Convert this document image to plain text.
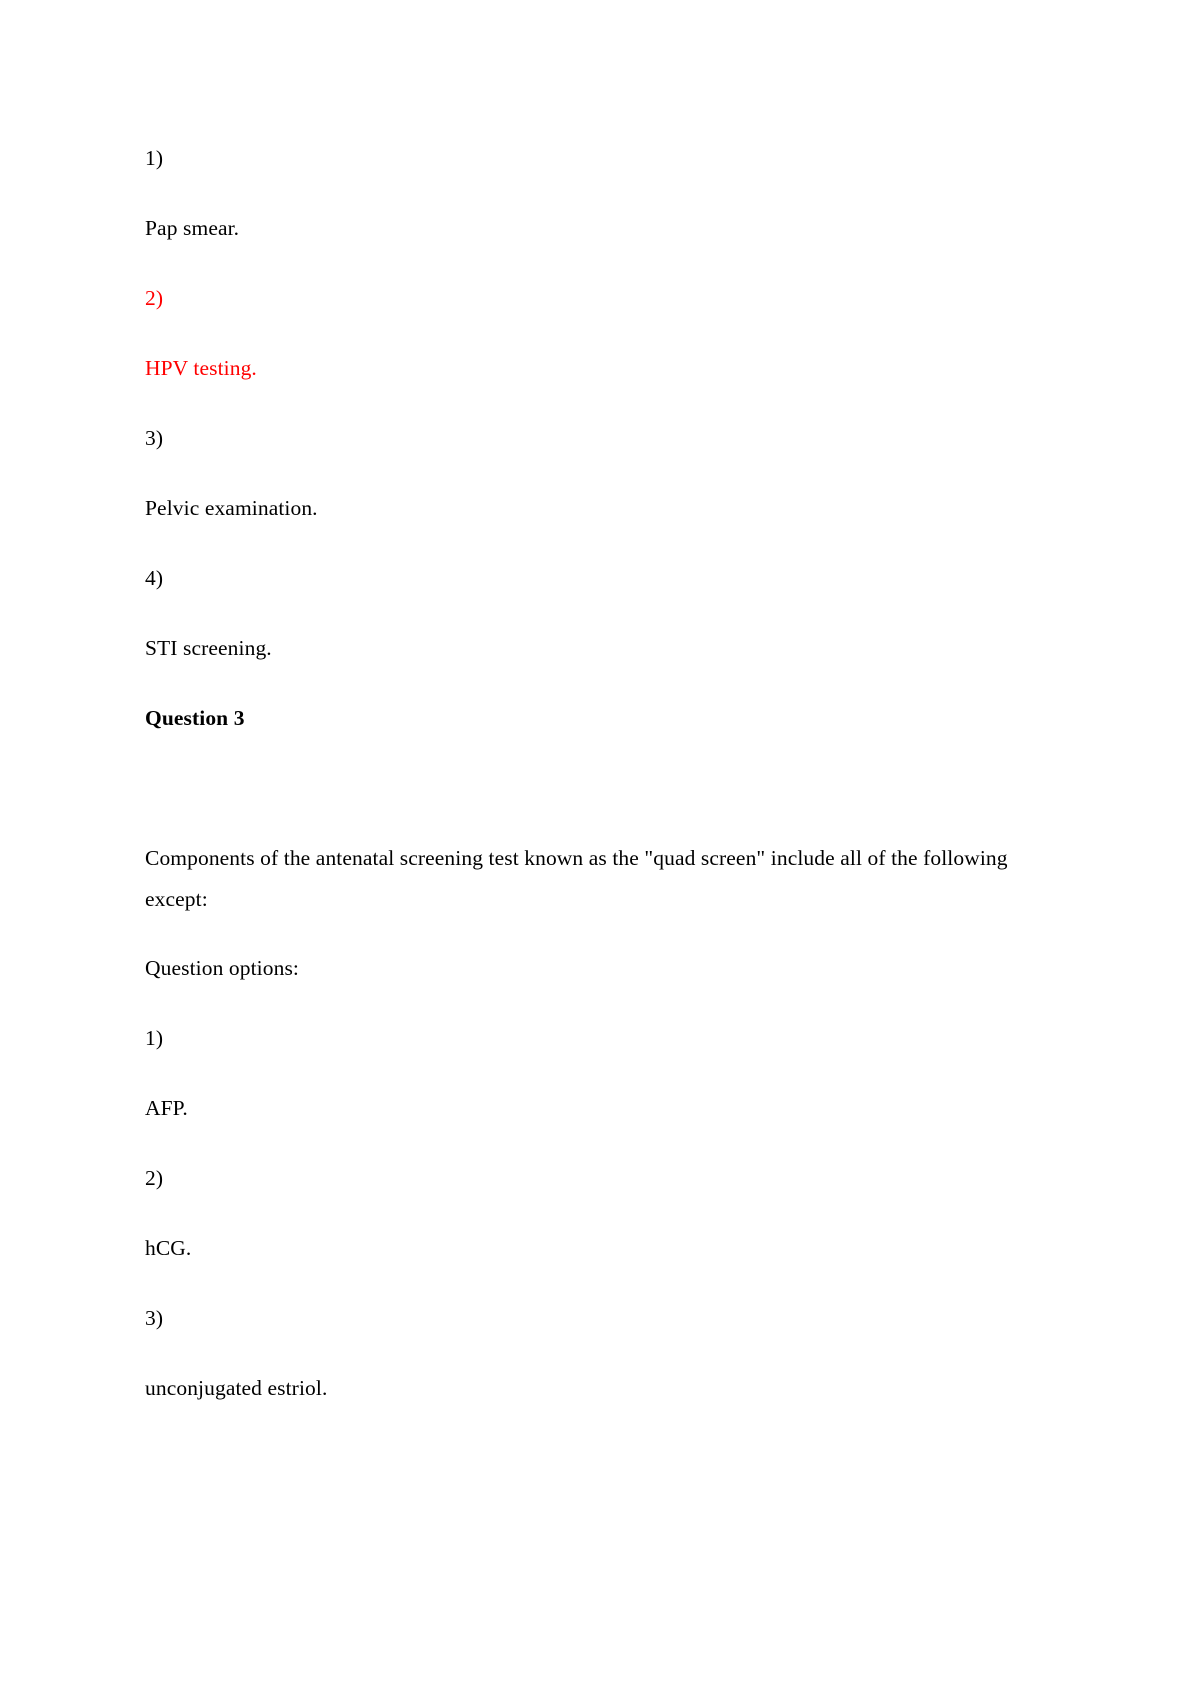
1)
Pap smear.
2)
HPV testing.
3)
Pelvic examination.
4)
STI screening.
Question 3
Components of the antenatal screening test known as the "quad screen" include all of the following except:
Question options:
1)
AFP.
2)
hCG.
3)
unconjugated estriol.
